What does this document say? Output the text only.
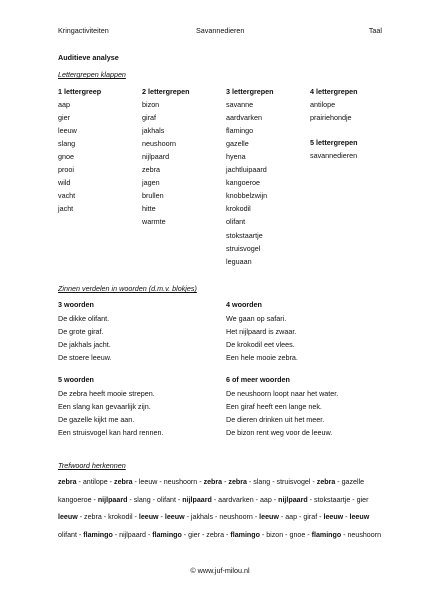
Kringactiviteiten	Savannedieren	Taal
Auditieve analyse
Lettergrepen klappen
1 lettergreep
aap
gier
leeuw
slang
gnoe
prooi
wild
vacht
jacht
2 lettergrepen
bizon
giraf
jakhals
neushoorn
nijlpaard
zebra
jagen
brullen
hitte
warmte
3 lettergrepen
savanne
aardvarken
flamingo
gazelle
hyena
jachtluipaard
kangoeroe
knobbelzwijn
krokodil
olifant
stokstaartje
struisvogel
leguaan
4 lettergrepen
antilope
prairiehondje
5 lettergrepen
savannedieren
Zinnen verdelen in woorden (d.m.v. blokjes)
3 woorden
De dikke olifant.
De grote giraf.
De jakhals jacht.
De stoere leeuw.
4 woorden
We gaan op safari.
Het nijlpaard is zwaar.
De krokodil eet vlees.
Een hele mooie zebra.
5 woorden
De zebra heeft mooie strepen.
Een slang kan gevaarlijk zijn.
De gazelle kijkt me aan.
Een struisvogel kan hard rennen.
6 of meer woorden
De neushoorn loopt naar het water.
Een giraf heeft een lange nek.
De dieren drinken uit het meer.
De bizon rent weg voor de leeuw.
Trefwoord herkennen
zebra - antilope - zebra - leeuw - neushoorn - zebra - zebra - slang - struisvogel - zebra - gazelle
kangoeroe - nijlpaard - slang - olifant - nijlpaard - aardvarken - aap - nijlpaard - stokstaartje - gier
leeuw - zebra - krokodil - leeuw - leeuw - jakhals - neushoorn - leeuw - aap - giraf - leeuw - leeuw
olifant - flamingo - nijlpaard - flamingo - gier - zebra - flamingo - bizon - gnoe - flamingo - neushoorn
© www.juf-milou.nl
